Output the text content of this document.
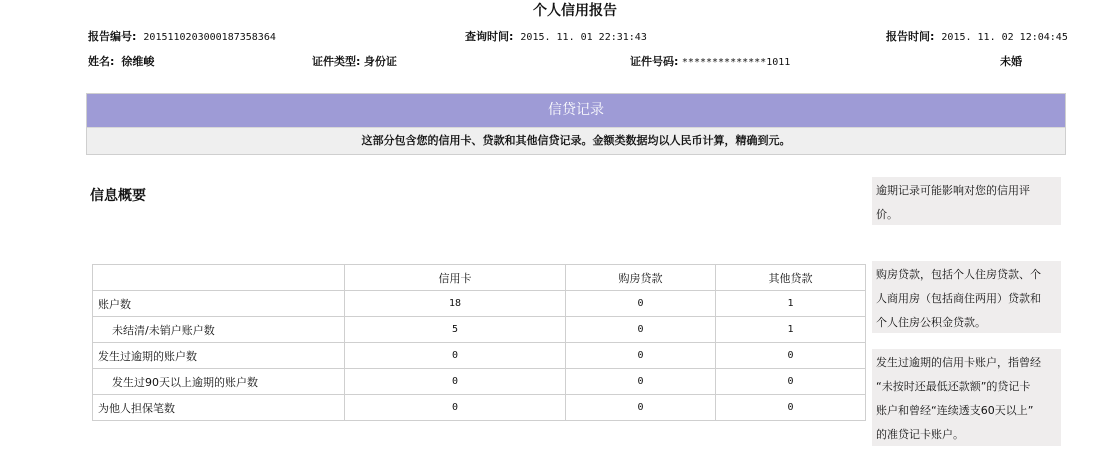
个人信用报告
报告编号: 2015110203000187358364	查询时间: 2015. 11. 01 22:31:43	报告时间: 2015. 11. 02 12:04:45
姓名: 徐维峻	证件类型: 身份证	证件号码: **************1011	未婚
信贷记录
这部分包含您的信用卡、贷款和其他信贷记录。金额类数据均以人民币计算，精确到元。
信息概要
	信用卡	购房贷款	其他贷款
账户数	18	0	1
未结清/未销户账户数	5	0	1
发生过逾期的账户数	0	0	0
发生过90天以上逾期的账户数	0	0	0
为他人担保笔数	0	0	0
逾期记录可能影响对您的信用评
价。
购房贷款，包括个人住房贷款、个
人商用房（包括商住两用）贷款和
个人住房公积金贷款。
发生过逾期的信用卡账户，指曾经
“未按时还最低还款额”的贷记卡
账户和曾经“连续透支60天以上”
的准贷记卡账户。
